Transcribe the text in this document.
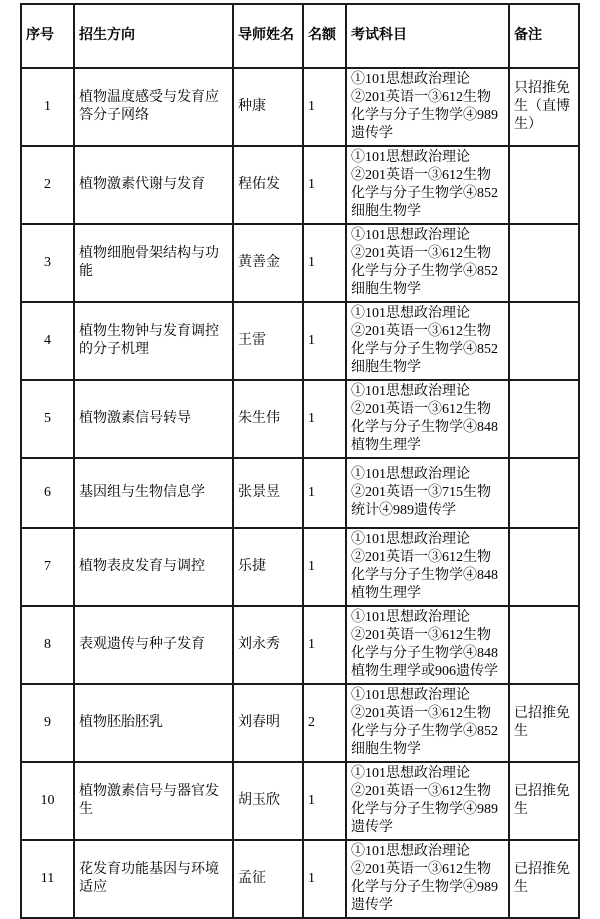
序号	招生方向	导师姓名	名额	考试科目	备注
1	植物温度感受与发育应答分子网络	种康	1	①101思想政治理论②201英语一③612生物化学与分子生物学④989遗传学	只招推免生（直博生）
2	植物激素代谢与发育	程佑发	1	①101思想政治理论②201英语一③612生物化学与分子生物学④852细胞生物学	
3	植物细胞骨架结构与功能	黄善金	1	①101思想政治理论②201英语一③612生物化学与分子生物学④852细胞生物学	
4	植物生物钟与发育调控的分子机理	王雷	1	①101思想政治理论②201英语一③612生物化学与分子生物学④852细胞生物学	
5	植物激素信号转导	朱生伟	1	①101思想政治理论②201英语一③612生物化学与分子生物学④848植物生理学	
6	基因组与生物信息学	张景昱	1	①101思想政治理论②201英语一③715生物统计④989遗传学	
7	植物表皮发育与调控	乐捷	1	①101思想政治理论②201英语一③612生物化学与分子生物学④848植物生理学	
8	表观遗传与种子发育	刘永秀	1	①101思想政治理论②201英语一③612生物化学与分子生物学④848植物生理学或906遗传学	
9	植物胚胎胚乳	刘春明	2	①101思想政治理论②201英语一③612生物化学与分子生物学④852细胞生物学	已招推免生
10	植物激素信号与器官发生	胡玉欣	1	①101思想政治理论②201英语一③612生物化学与分子生物学④989遗传学	已招推免生
11	花发育功能基因与环境适应	孟征	1	①101思想政治理论②201英语一③612生物化学与分子生物学④989遗传学	已招推免生
